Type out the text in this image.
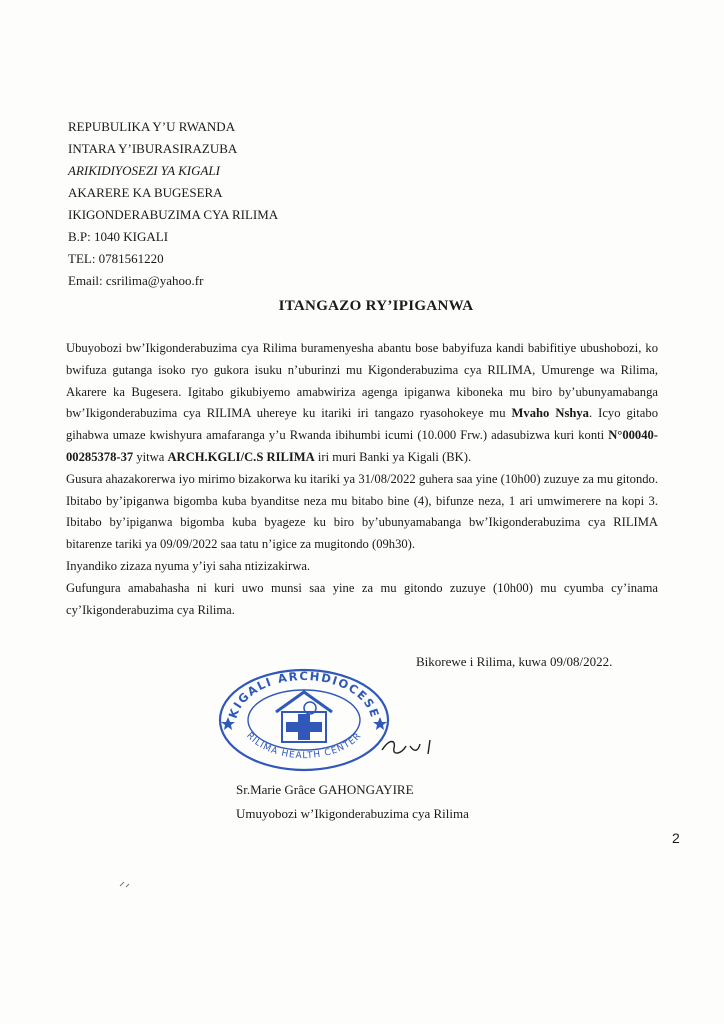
REPUBULIKA Y’U RWANDA
INTARA Y’IBURASIRAZUBA
ARIKIDIYOSEZI YA KIGALI
AKARERE KA BUGESERA
IKIGONDERABUZIMA CYA RILIMA
B.P: 1040 KIGALI
TEL: 0781561220
Email: csrilima@yahoo.fr
ITANGAZO RY’IPIGANWA

Ubuyobozi bw’Ikigonderabuzima cya Rilima buramenyesha abantu bose babyifuza kandi babifitiye ubushobozi, ko bwifuza gutanga isoko ryo gukora isuku n’uburinzi mu Kigonderabuzima cya RILIMA, Umurenge wa Rilima, Akarere ka Bugesera. Igitabo gikubiyemo amabwiriza agenga ipiganwa kiboneka mu biro by’ubunyamabanga bw’Ikigonderabuzima cya RILIMA uhereye ku itariki iri tangazo ryasohokeye mu Mvaho Nshya. Icyo gitabo gihabwa umaze kwishyura amafaranga y’u Rwanda ibihumbi icumi (10.000 Frw.) adasubizwa kuri konti N°00040-00285378-37 yitwa ARCH.KGLI/C.S RILIMA iri muri Banki ya Kigali (BK).

Gusura ahazakorerwa iyo mirimo bizakorwa ku itariki ya 31/08/2022 guhera saa yine (10h00) zuzuye za mu gitondo. Ibitabo by’ipiganwa bigomba kuba byanditse neza mu bitabo bine (4), bifunze neza, 1 ari umwimerere na kopi 3. Ibitabo by’ipiganwa bigomba kuba byageze ku biro by’ubunyamabanga bw’Ikigonderabuzima cya RILIMA bitarenze tariki ya 09/09/2022 saa tatu n’igice za mugitondo (09h30).

Inyandiko zizaza nyuma y’iyi saha ntizizakirwa.

Gufungura amabahasha ni kuri uwo munsi saa yine za mu gitondo zuzuye (10h00) mu cyumba cy’inama cy’Ikigonderabuzima cya Rilima.

Bikorewe i Rilima, kuwa 09/08/2022.
KIGALI ARCHDIOCESE
RILIMA HEALTH CENTER
Sr.Marie Grâce GAHONGAYIRE
Umuyobozi w’Ikigonderabuzima cya Rilima
2
